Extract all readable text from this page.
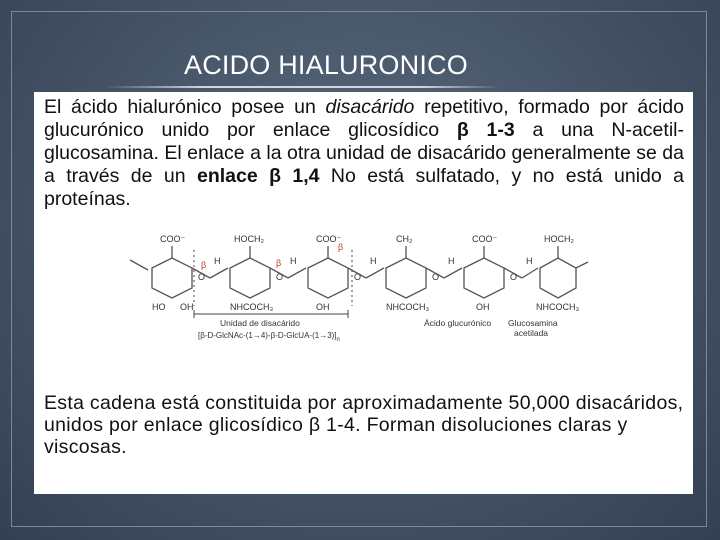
ACIDO HIALURONICO

El ácido hialurónico posee un disacárido repetitivo, formado por ácido glucurónico unido por enlace glicosídico β 1-3 a una N-acetil-glucosamina. El enlace a la otra unidad de disacárido generalmente se da a través de un enlace β 1,4 No está sulfatado, y no está unido a proteínas.

Esta cadena está constituida por aproximadamente 50,000 disacáridos, unidos por enlace glicosídico β 1-4. Forman disoluciones claras y viscosas.

COO⁻	HOCH₂	COO⁻	CH₂	COO⁻	HOCH₂
O	O	O	O	O
HO OH	NHCOCH₃	OH	NHCOCH₃	OH	NHCOCH₃
H	H	H	H	H
β	β
β
Unidad de disacárido
$[\beta-D-GlcNAc-(1\to 4)-\beta-D-GlcUA-(1\to 3)]_n$
Ácido glucurónico Glucosamina
acetilada
